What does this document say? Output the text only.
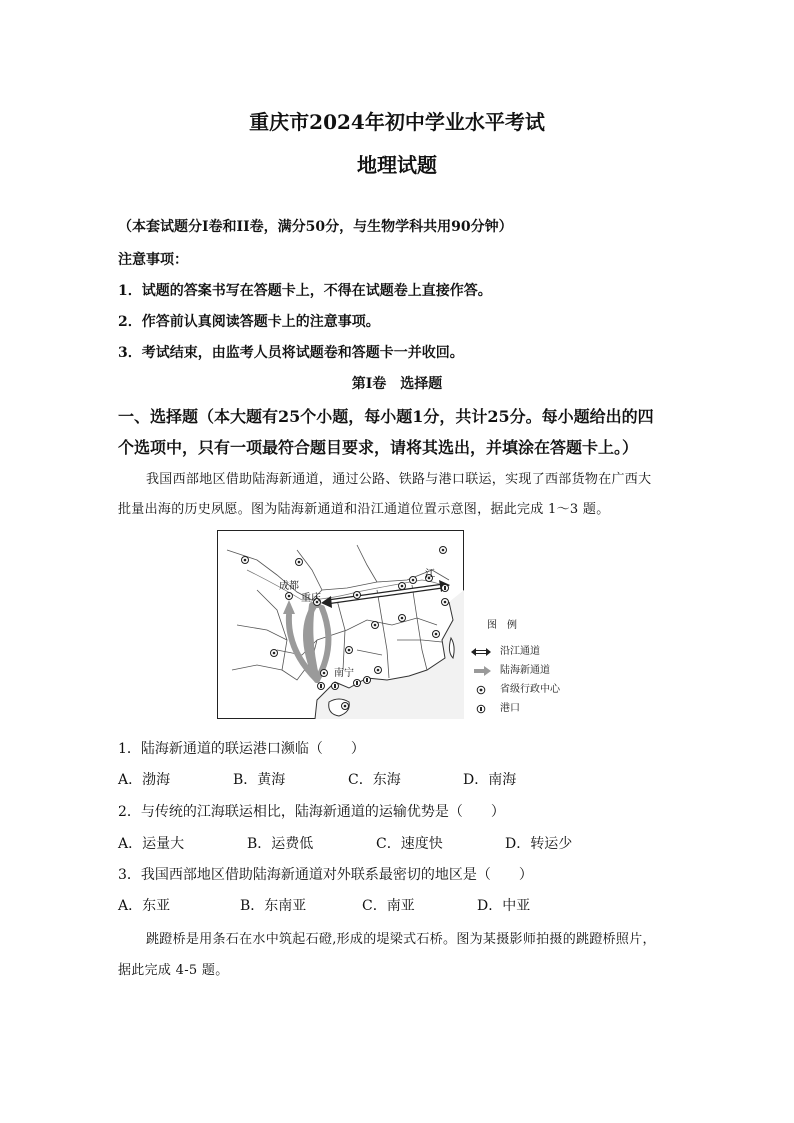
重庆市2024年初中学业水平考试
地理试题
（本套试题分I卷和II卷，满分50分，与生物学科共用90分钟）
注意事项：
1．试题的答案书写在答题卡上，不得在试题卷上直接作答。
2．作答前认真阅读答题卡上的注意事项。
3．考试结束，由监考人员将试题卷和答题卡一并收回。
第I卷　选择题
一、选择题（本大题有25个小题，每小题1分，共计25分。每小题给出的四
个选项中，只有一项最符合题目要求，请将其选出，并填涂在答题卡上。）
我国西部地区借助陆海新通道，通过公路、铁路与港口联运，实现了西部货物在广西大
批量出海的历史夙愿。图为陆海新通道和沿江通道位置示意图，据此完成 1～3 题。
成都
重庆
南宁
江
图　例
沿江通道
陆海新通道
省级行政中心
港口
1．陆海新通道的联运港口濒临（　　）
A．渤海	B．黄海	C．东海	D．南海
2．与传统的江海联运相比，陆海新通道的运输优势是（　　）
A．运量大	B．运费低	C．速度快	D．转运少
3．我国西部地区借助陆海新通道对外联系最密切的地区是（　　）
A．东亚	B．东南亚	C．南亚	D．中亚
跳蹬桥是用条石在水中筑起石磴,形成的堤梁式石桥。图为某摄影师拍摄的跳蹬桥照片，
据此完成 4-5 题。
